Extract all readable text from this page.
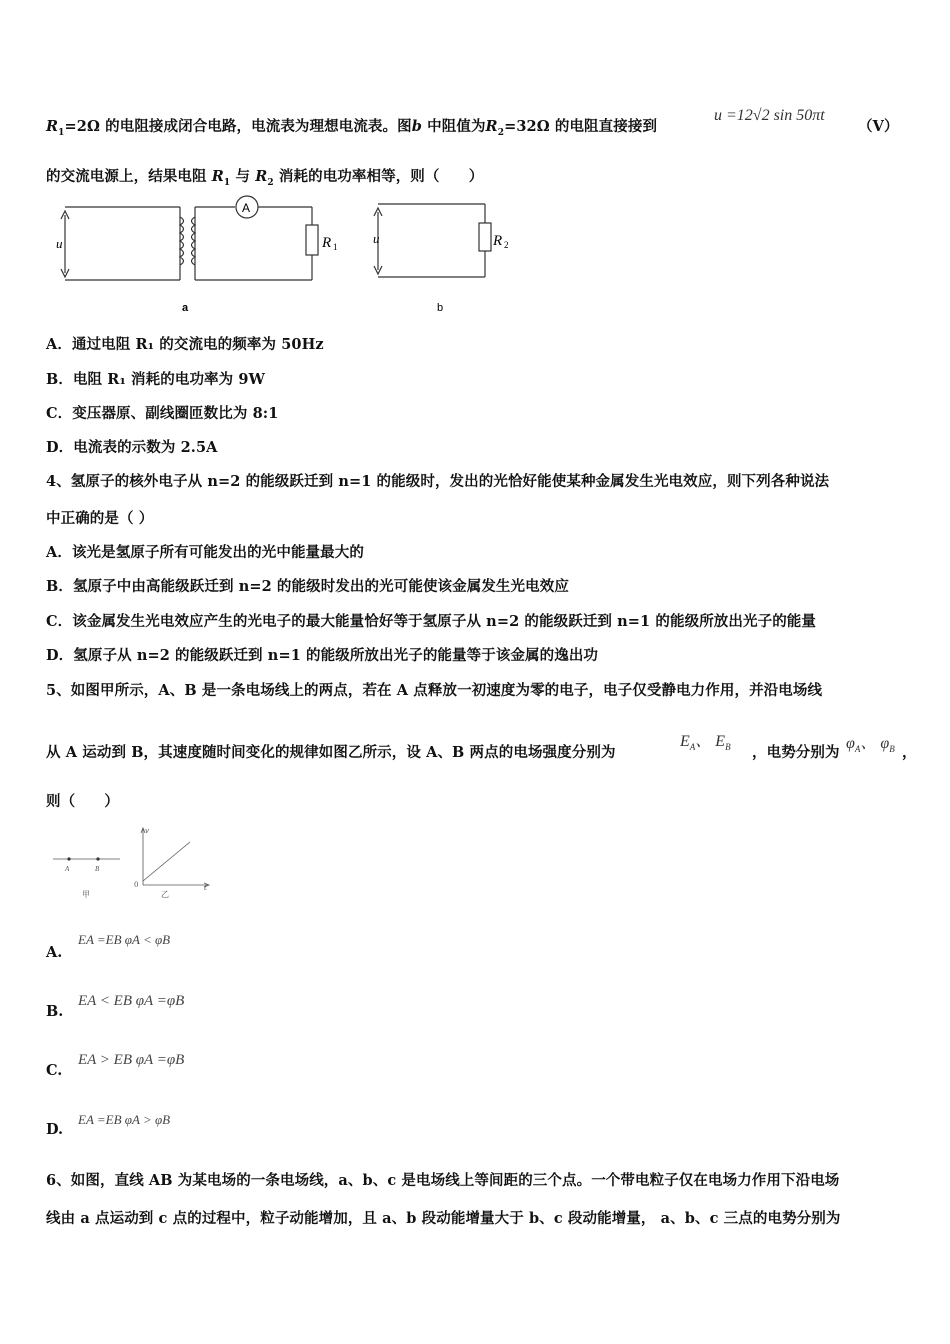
$R_1=2\Omega$ 的电阻接成闭合电路，电流表为理想电流表。图b 中阻值为$R_2=32\Omega$ 的电阻直接接到
u =12√2 sin 50πt
（V）
的交流电源上，结果电阻 $R_1$ 与 $R_2$ 消耗的电功率相等，则（　　）
u
A
R 1
a
u	R 2
b
A．通过电阻 R₁ 的交流电的频率为 50Hz
B．电阻 R₁ 消耗的电功率为 9W
C．变压器原、副线圈匝数比为 8:1
D．电流表的示数为 2.5A
4、氢原子的核外电子从 n=2 的能级跃迁到 n=1 的能级时，发出的光恰好能使某种金属发生光电效应，则下列各种说法
中正确的是（ ）
A．该光是氢原子所有可能发出的光中能量最大的
B．氢原子中由高能级跃迁到 n=2 的能级时发出的光可能使该金属发生光电效应
C．该金属发生光电效应产生的光电子的最大能量恰好等于氢原子从 n=2 的能级跃迁到 n=1 的能级所放出光子的能量
D．氢原子从 n=2 的能级跃迁到 n=1 的能级所放出光子的能量等于该金属的逸出功
5、如图甲所示，A、B 是一条电场线上的两点，若在 A 点释放一初速度为零的电子，电子仅受静电力作用，并沿电场线
从 A 运动到 B，其速度随时间变化的规律如图乙所示，设 A、B 两点的电场强度分别为
$E_A$、 $E_B$ ，电势分别为
$\varphi_A$、 $\varphi_B$ ，
则（　　）
A	B
甲
v
t
0
乙
A.
EA =EB φA < φB
B.
EA < EB φA =φB
C.
EA > EB φA =φB
D.
EA =EB φA > φB
6、如图，直线 AB 为某电场的一条电场线，a、b、c 是电场线上等间距的三个点。一个带电粒子仅在电场力作用下沿电场
线由 a 点运动到 c 点的过程中，粒子动能增加，且 a、b 段动能增量大于 b、c 段动能增量， a、b、c 三点的电势分别为
